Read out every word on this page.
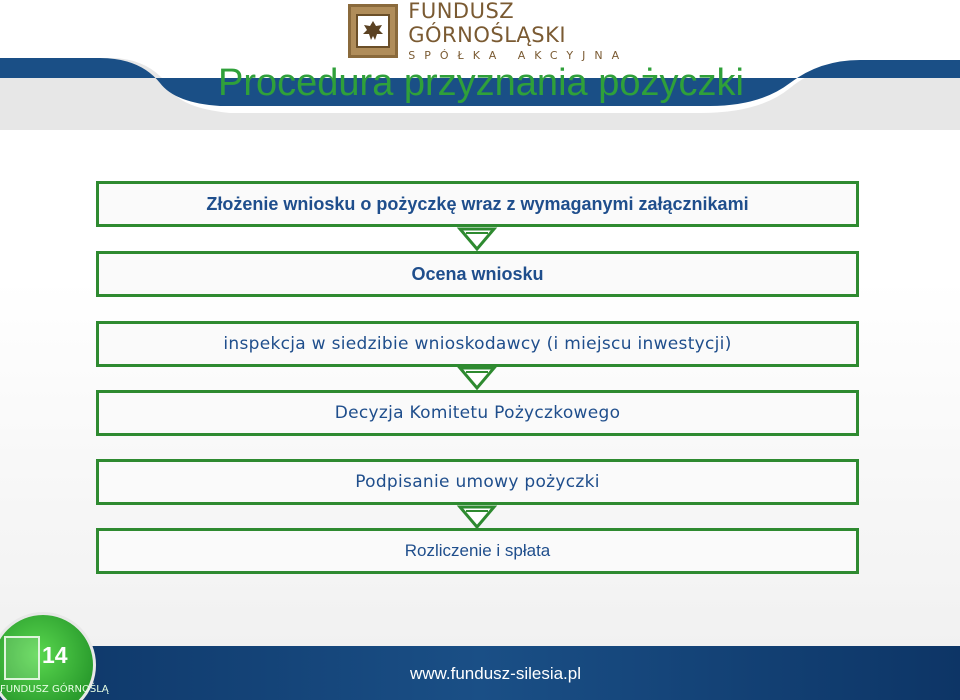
FUNDUSZ GÓRNOŚLĄSKI
SPÓŁKA AKCYJNA
Procedura przyznania pożyczki
Złożenie wniosku o pożyczkę wraz z wymaganymi załącznikami
Ocena wniosku
inspekcja w siedzibie wnioskodawcy (i miejscu inwestycji)
Decyzja Komitetu Pożyczkowego
Podpisanie umowy pożyczki
Rozliczenie i spłata
14
FUNDUSZ GÓRNOŚLĄ
www.fundusz-silesia.pl
